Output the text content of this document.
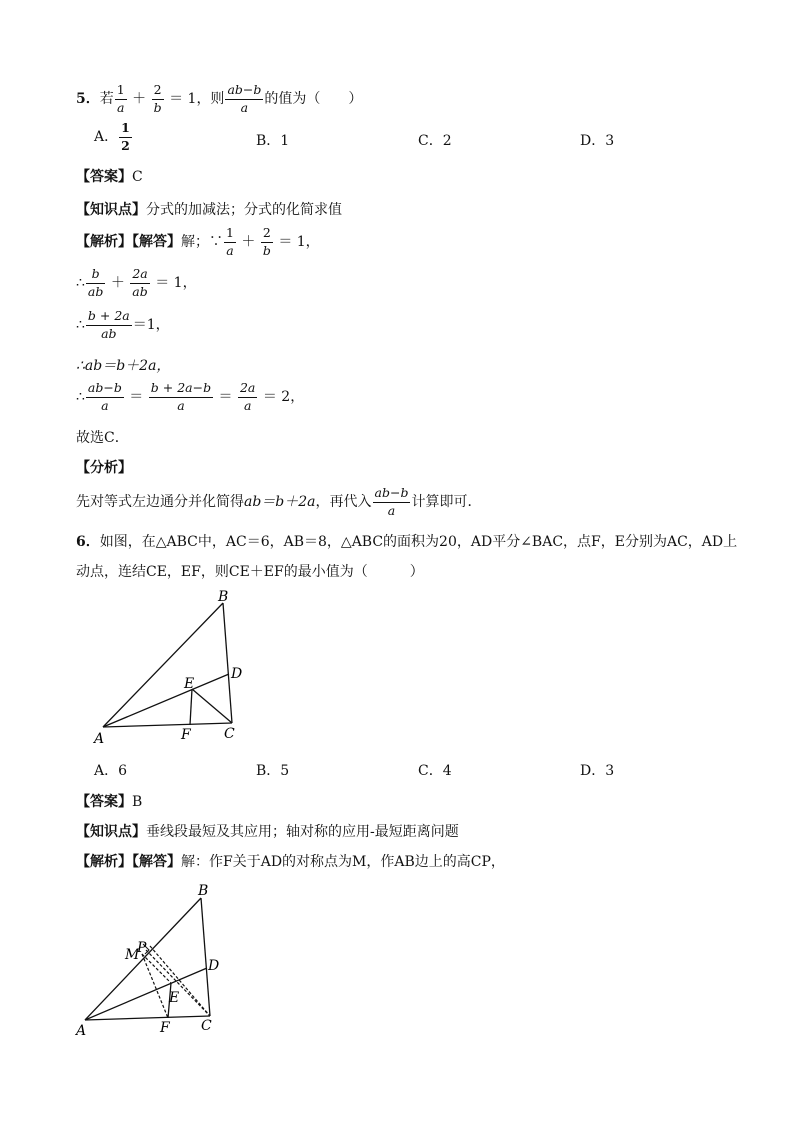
5．若 $\frac{1}{a} + \frac{2}{b} = 1$，则 $\frac{ab-b}{a}$ 的值为（　　）
A． $\frac{1}{2}$	B．1	C．2	D．3
【答案】C
【知识点】分式的加减法；分式的化简求值
【解析】【解答】解；∵ $\frac{1}{a} + \frac{2}{b} = 1$，
∴ $\frac{b}{ab} + \frac{2a}{ab} = 1$，
∴ $\frac{b + 2a}{ab} =1$，
∴ab＝b＋2a，
∴ $\frac{ab-b}{a} = \frac{b + 2a-b}{a} = \frac{2a}{a} = 2$，
故选C．
【分析】
先对等式左边通分并化简得ab＝b＋2a，再代入 $\frac{ab-b}{a}$ 计算即可．
6．如图，在△ABC中，AC＝6，AB＝8，△ABC的面积为20，AD平分∠BAC，点F，E分别为AC，AD上
动点，连结CE，EF，则CE＋EF的最小值为（　　　）
B
D
E
A	F C
A．6	B．5	C．4	D．3
【答案】B
【知识点】垂线段最短及其应用；轴对称的应用-最短距离问题
【解析】【解答】解：作F关于AD的对称点为M，作AB边上的高CP，
B
M
P
D
E
A	F C
